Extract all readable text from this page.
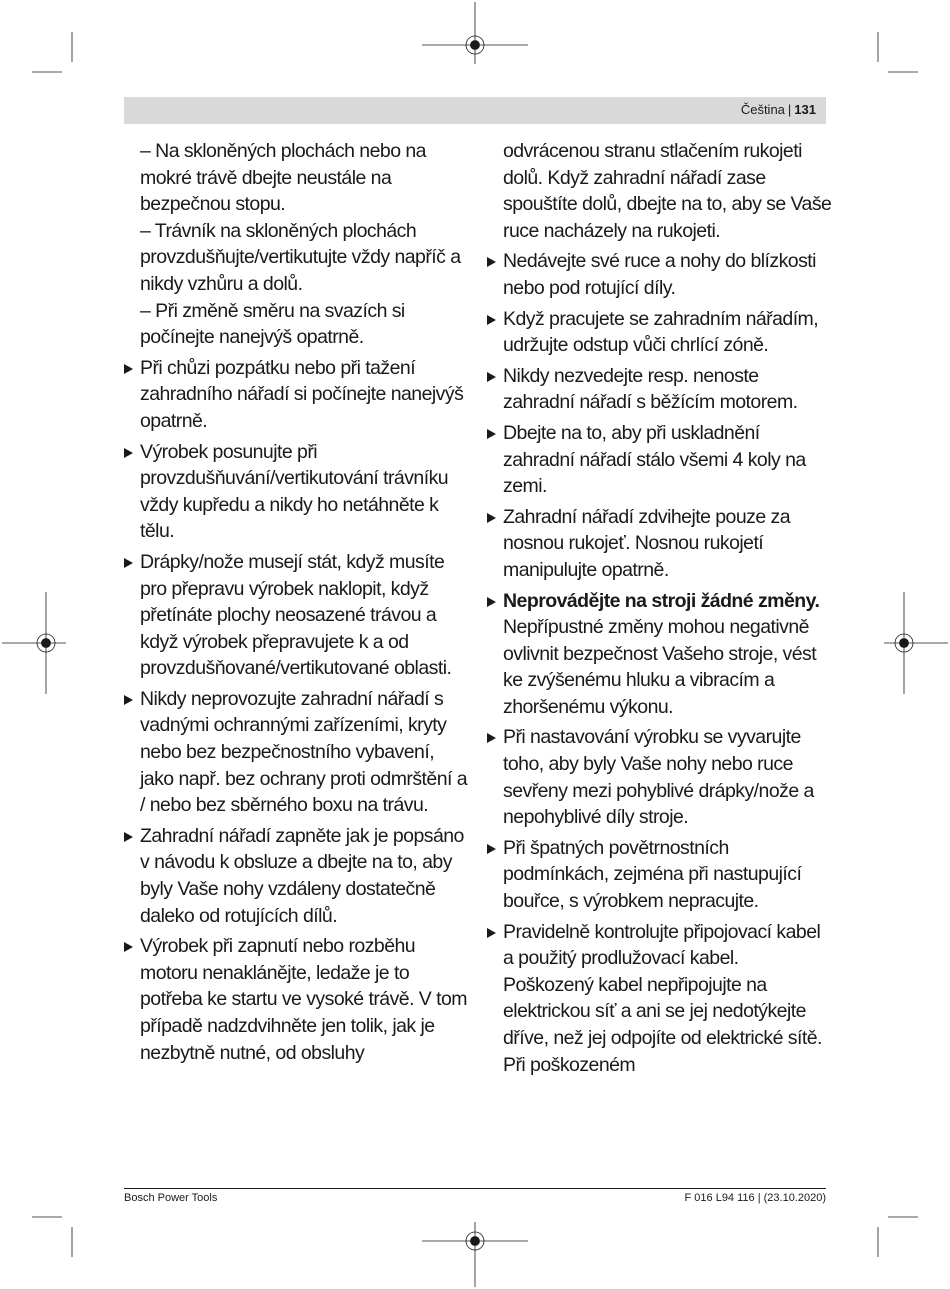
Čeština | 131

– Na skloněných plochách nebo na mokré trávě dbejte neustále na bezpečnou stopu.

– Trávník na skloněných plochách provzdušňujte/vertikutujte vždy napříč a nikdy vzhůru a dolů.

– Při změně směru na svazích si počínejte nanejvýš opatrně.

Při chůzi pozpátku nebo při tažení zahradního nářadí si počínejte nanejvýš opatrně.

Výrobek posunujte při provzdušňuvání/vertikutování trávníku vždy kupředu a nikdy ho netáhněte k tělu.

Drápky/nože musejí stát, když musíte pro přepravu výrobek naklopit, když přetínáte plochy neosazené trávou a když výrobek přepravujete k a od provzdušňované/vertikutované oblasti.

Nikdy neprovozujte zahradní nářadí s vadnými ochrannými zařízeními, kryty nebo bez bezpečnostního vybavení, jako např. bez ochrany proti odmrštění a / nebo bez sběrného boxu na trávu.

Zahradní nářadí zapněte jak je popsáno v návodu k obsluze a dbejte na to, aby byly Vaše nohy vzdáleny dostatečně daleko od rotujících dílů.

Výrobek při zapnutí nebo rozběhu motoru nenaklánějte, ledaže je to potřeba ke startu ve vysoké trávě. V tom případě nadzdvihněte jen tolik, jak je nezbytně nutné, od obsluhy

odvrácenou stranu stlačením rukojeti dolů. Když zahradní nářadí zase spouštíte dolů, dbejte na to, aby se Vaše ruce nacházely na rukojeti.

Nedávejte své ruce a nohy do blízkosti nebo pod rotující díly.

Když pracujete se zahradním nářadím, udržujte odstup vůči chrlící zóně.

Nikdy nezvedejte resp. nenoste zahradní nářadí s běžícím motorem.

Dbejte na to, aby při uskladnění zahradní nářadí stálo všemi 4 koly na zemi.

Zahradní nářadí zdvihejte pouze za nosnou rukojeť. Nosnou rukojetí manipulujte opatrně.

Neprovádějte na stroji žádné změny. Nepřípustné změny mohou negativně ovlivnit bezpečnost Vašeho stroje, vést ke zvýšenému hluku a vibracím a zhoršenému výkonu.

Při nastavování výrobku se vyvarujte toho, aby byly Vaše nohy nebo ruce sevřeny mezi pohyblivé drápky/nože a nepohyblivé díly stroje.

Při špatných povětrnostních podmínkách, zejména při nastupující bouřce, s výrobkem nepracujte.

Pravidelně kontrolujte připojovací kabel a použitý prodlužovací kabel. Poškozený kabel nepřipojujte na elektrickou síť a ani se jej nedotýkejte dříve, než jej odpojíte od elektrické sítě. Při poškozeném

Bosch Power Tools	F 016 L94 116 | (23.10.2020)
